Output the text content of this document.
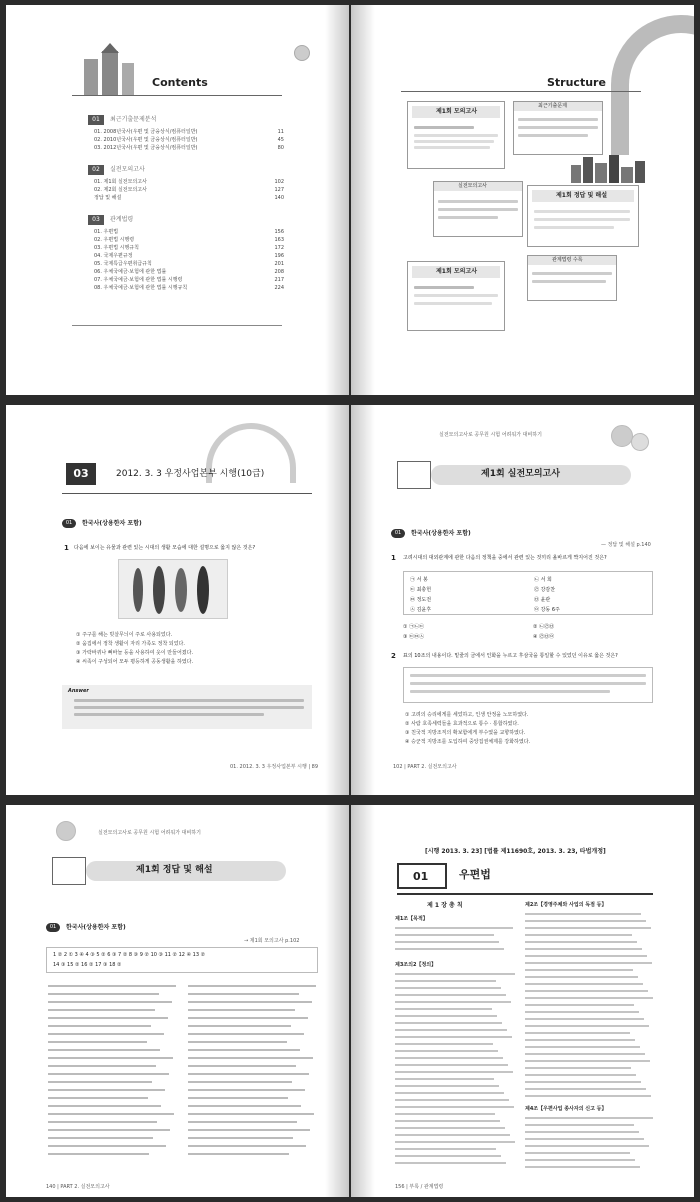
Contents
01	최근기출문제분석
01. 2008년국사(우편 및 금융상식/컴퓨터일반)	11
02. 2010년국사(우편 및 금융상식/컴퓨터일반)	45
03. 2012년국사(우편 및 금융상식/컴퓨터일반)	80
02	실전모의고사
01. 제1회 실전모의고사	102
02. 제2회 실전모의고사	127
정답 및 해설	140
03	관계법령
01. 우편법	156
02. 우편법 시행령	163
03. 우편법 시행규칙	172
04. 국제우편규정	196
05. 국제특급우편취급규칙	201
06. 우체국예금·보험에 관한 법률	208
07. 우체국예금·보험에 관한 법률 시행령	217
08. 우체국예금·보험에 관한 법률 시행규칙	224
Structure
제1회 모의고사
최근기출문제
실전모의고사
제1회 정답 및 해설
제1회 모의고사
관계법령 수록
03	2012. 3. 3 우정사업본부 시행(10급)
01	한국사(상용한자 포함)
1 다음에 보이는 유물과 관련 있는 시대의 생활 모습에 대한 설명으로 옳지 않은 것은?
① 주구를 해는 빗살무늬이 주로 사용되었다.
② 움집에서 정착 생활이 자리 가족도 정착 되었다.
③ 가락바퀴나 뼈바늘 등을 사용하여 옷이 만들어졌다.
④ 씨족이 구성되어 모두 평등하게 공동생활을 하였다.
Answer
01. 2012. 3. 3 우정사업본부 시행 | 89
실전모의고사로 공무원 시험 어려워가 대비하기
제1회 실전모의고사
01	한국사(상용한자 포함)
— 정답 및 해설 p.140
1 고려시대의 대외관계에 관한 다음의 정책을 중에서 관련 있는 것끼리 올바르게 짝지어진 것은?
㉠ 서 봉	㉡ 서 희
㉢ 최충헌	㉣ 강감찬
㉤ 정도전	㉥ 윤관
㉦ 김윤후	㉧ 강동 6주
① ㉠㉡㉢	② ㉡㉣㉥
③ ㉢㉤㉦	④ ㉣㉥㉧
2 표의 10조의 내용이다. 밑줄의 금에서 인화을 누르고 후삼국을 통일할 수 있었던 이유로 옳은 것은?
① 고려의 승리에게를 세었하고, 인생 안정을 노모하였다.
② 사람 호족세력들을 효과적으로 통수 · 통합하였다.
③ 친국적 지방조직의 확보함에게 부수였을 교향하였다.
④ 승군적 지방조를 도입하여 중앙집권체제를 강화하였다.
102 | PART 2. 실전모의고사
실전모의고사로 공무원 시험 어려워가 대비하기
제1회 정답 및 해설
01	한국사(상용한자 포함)
→ 제1회 모의고사 p.102
1 ② 2 ① 3 ④ 4 ③ 5 ② 6 ③ 7 ② 8 ③ 9 ② 10 ③ 11 ② 12 ④ 13 ②
14 ③ 15 ② 16 ② 17 ③ 18 ②
140 | PART 2. 실전모의고사
[시행 2013. 3. 23] [법률 제11690호, 2013. 3. 23, 타법개정]
01	우편법
제 1 장 총 칙
제1조【목적】
제3조의2【정의】
제2조【경영주체와 사업의 독점 등】
제4조【우편사업 종사자의 신고 등】
156 | 부록 / 관계법령
